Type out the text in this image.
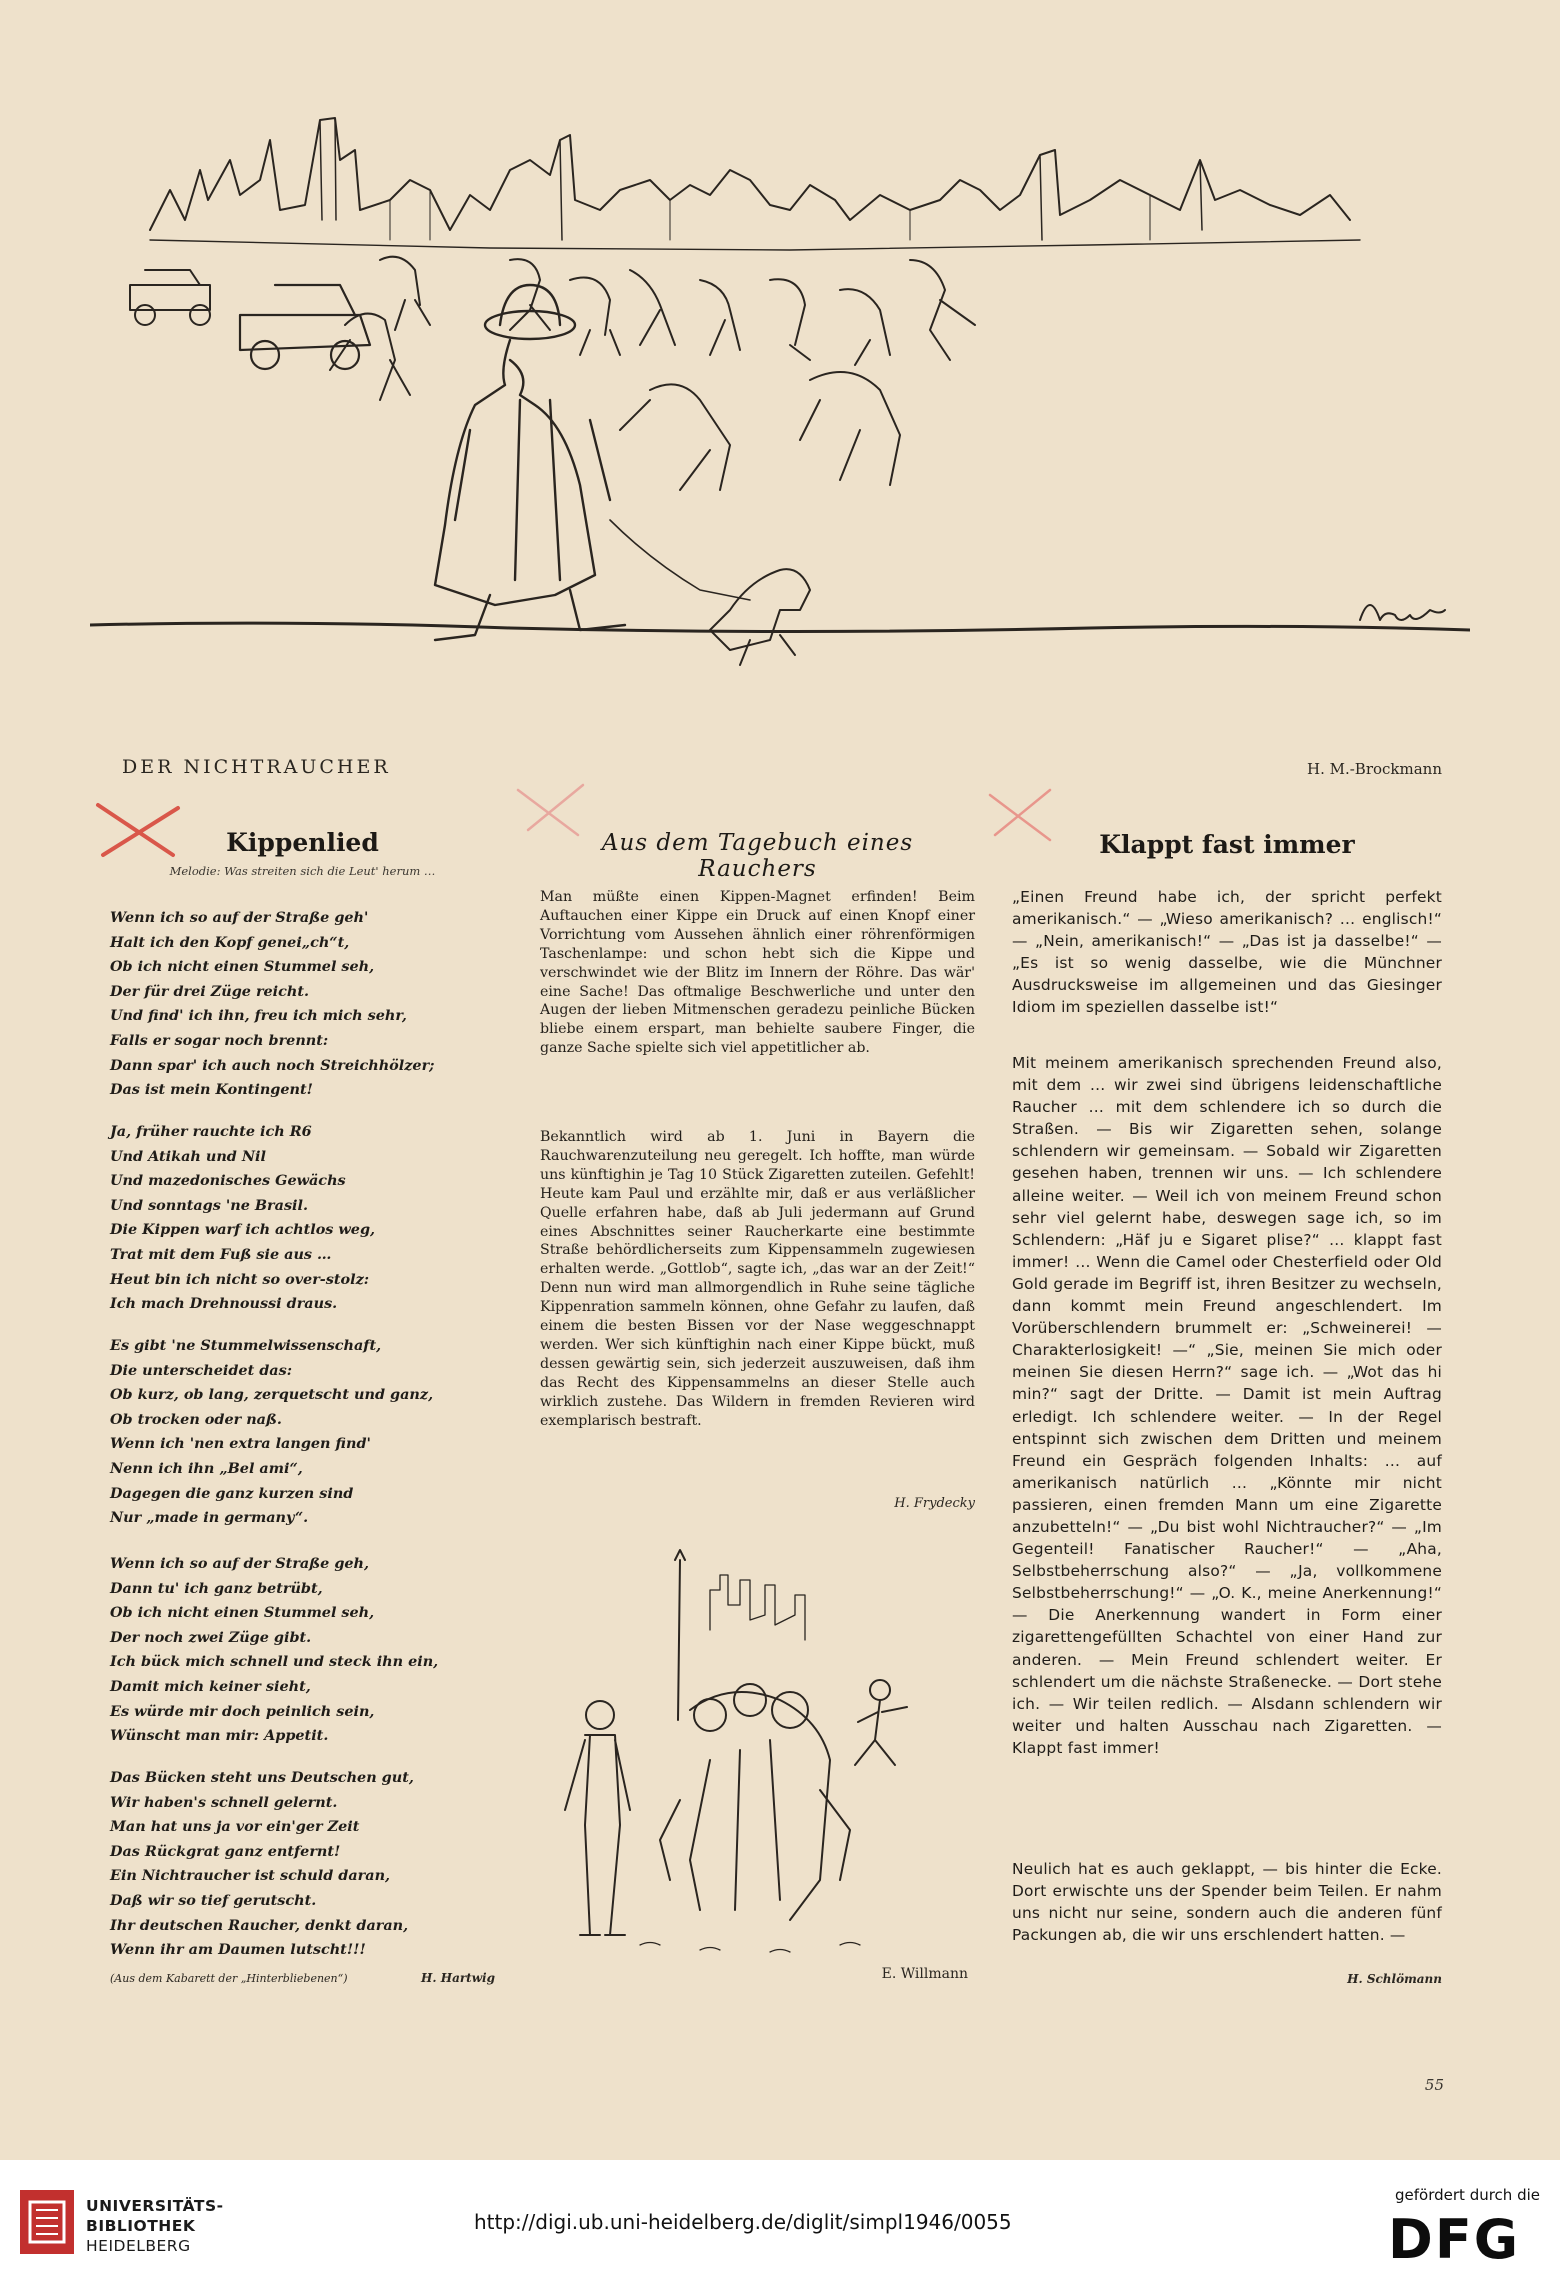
DER NICHTRAUCHER	H. M.-Brockmann
Kippenlied
Melodie: Was streiten sich die Leut' herum …
Wenn ich so auf der Straße geh'
Halt ich den Kopf genei„ch“t,
Ob ich nicht einen Stummel seh,
Der für drei Züge reicht.
Und find' ich ihn, freu ich mich sehr,
Falls er sogar noch brennt:
Dann spar' ich auch noch Streichhölzer;
Das ist mein Kontingent!
Ja, früher rauchte ich R6
Und Atikah und Nil
Und mazedonisches Gewächs
Und sonntags 'ne Brasil.
Die Kippen warf ich achtlos weg,
Trat mit dem Fuß sie aus …
Heut bin ich nicht so over-stolz:
Ich mach Drehnoussi draus.
Es gibt 'ne Stummelwissenschaft,
Die unterscheidet das:
Ob kurz, ob lang, zerquetscht und ganz,
Ob trocken oder naß.
Wenn ich 'nen extra langen find'
Nenn ich ihn „Bel ami“,
Dagegen die ganz kurzen sind
Nur „made in germany“.
Wenn ich so auf der Straße geh,
Dann tu' ich ganz betrübt,
Ob ich nicht einen Stummel seh,
Der noch zwei Züge gibt.
Ich bück mich schnell und steck ihn ein,
Damit mich keiner sieht,
Es würde mir doch peinlich sein,
Wünscht man mir: Appetit.
Das Bücken steht uns Deutschen gut,
Wir haben's schnell gelernt.
Man hat uns ja vor ein'ger Zeit
Das Rückgrat ganz entfernt!
Ein Nichtraucher ist schuld daran,
Daß wir so tief gerutscht.
Ihr deutschen Raucher, denkt daran,
Wenn ihr am Daumen lutscht!!!
(Aus dem Kabarett der „Hinterbliebenen“)	H. Hartwig
Aus dem Tagebuch eines Rauchers

Man müßte einen Kippen-Magnet erfinden! Beim Auftauchen einer Kippe ein Druck auf einen Knopf einer Vorrichtung vom Aussehen ähnlich einer röhrenförmigen Taschenlampe: und schon hebt sich die Kippe und verschwindet wie der Blitz im Innern der Röhre. Das wär' eine Sache! Das oftmalige Beschwerliche und unter den Augen der lieben Mitmenschen geradezu peinliche Bücken bliebe einem erspart, man behielte saubere Finger, die ganze Sache spielte sich viel appetitlicher ab.

Bekanntlich wird ab 1. Juni in Bayern die Rauchwarenzuteilung neu geregelt. Ich hoffte, man würde uns künftighin je Tag 10 Stück Zigaretten zuteilen. Gefehlt! Heute kam Paul und erzählte mir, daß er aus verläßlicher Quelle erfahren habe, daß ab Juli jedermann auf Grund eines Abschnittes seiner Raucherkarte eine bestimmte Straße behördlicherseits zum Kippensammeln zugewiesen erhalten werde. „Gottlob“, sagte ich, „das war an der Zeit!“ Denn nun wird man allmorgendlich in Ruhe seine tägliche Kippenration sammeln können, ohne Gefahr zu laufen, daß einem die besten Bissen vor der Nase weggeschnappt werden. Wer sich künftighin nach einer Kippe bückt, muß dessen gewärtig sein, sich jederzeit auszuweisen, daß ihm das Recht des Kippensammelns an dieser Stelle auch wirklich zustehe. Das Wildern in fremden Revieren wird exemplarisch bestraft.

H. Frydecky
E. Willmann
Klappt fast immer

„Einen Freund habe ich, der spricht perfekt amerikanisch.“ — „Wieso amerikanisch? … englisch!“ — „Nein, amerikanisch!“ — „Das ist ja dasselbe!“ — „Es ist so wenig dasselbe, wie die Münchner Ausdrucksweise im allgemeinen und das Giesinger Idiom im speziellen dasselbe ist!“

Mit meinem amerikanisch sprechenden Freund also, mit dem … wir zwei sind übrigens leidenschaftliche Raucher … mit dem schlendere ich so durch die Straßen. — Bis wir Zigaretten sehen, solange schlendern wir gemeinsam. — Sobald wir Zigaretten gesehen haben, trennen wir uns. — Ich schlendere alleine weiter. — Weil ich von meinem Freund schon sehr viel gelernt habe, deswegen sage ich, so im Schlendern: „Häf ju e Sigaret plise?“ … klappt fast immer! … Wenn die Camel oder Chesterfield oder Old Gold gerade im Begriff ist, ihren Besitzer zu wechseln, dann kommt mein Freund angeschlendert. Im Vorüberschlendern brummelt er: „Schweinerei! — Charakterlosigkeit! —“ „Sie, meinen Sie mich oder meinen Sie diesen Herrn?“ sage ich. — „Wot das hi min?“ sagt der Dritte. — Damit ist mein Auftrag erledigt. Ich schlendere weiter. — In der Regel entspinnt sich zwischen dem Dritten und meinem Freund ein Gespräch folgenden Inhalts: … auf amerikanisch natürlich … „Könnte mir nicht passieren, einen fremden Mann um eine Zigarette anzubetteln!“ — „Du bist wohl Nichtraucher?“ — „Im Gegenteil! Fanatischer Raucher!“ — „Aha, Selbstbeherrschung also?“ — „Ja, vollkommene Selbstbeherrschung!“ — „O. K., meine Anerkennung!“ — Die Anerkennung wandert in Form einer zigarettengefüllten Schachtel von einer Hand zur anderen. — Mein Freund schlendert weiter. Er schlendert um die nächste Straßenecke. — Dort stehe ich. — Wir teilen redlich. — Alsdann schlendern wir weiter und halten Ausschau nach Zigaretten. — Klappt fast immer!

Neulich hat es auch geklappt, — bis hinter die Ecke. Dort erwischte uns der Spender beim Teilen. Er nahm uns nicht nur seine, sondern auch die anderen fünf Packungen ab, die wir uns erschlendert hatten. —

H. Schlömann
55
UNIVERSITÄTS-
BIBLIOTHEK
HEIDELBERG
http://digi.ub.uni-heidelberg.de/diglit/simpl1946/0055
gefördert durch die
DFG
